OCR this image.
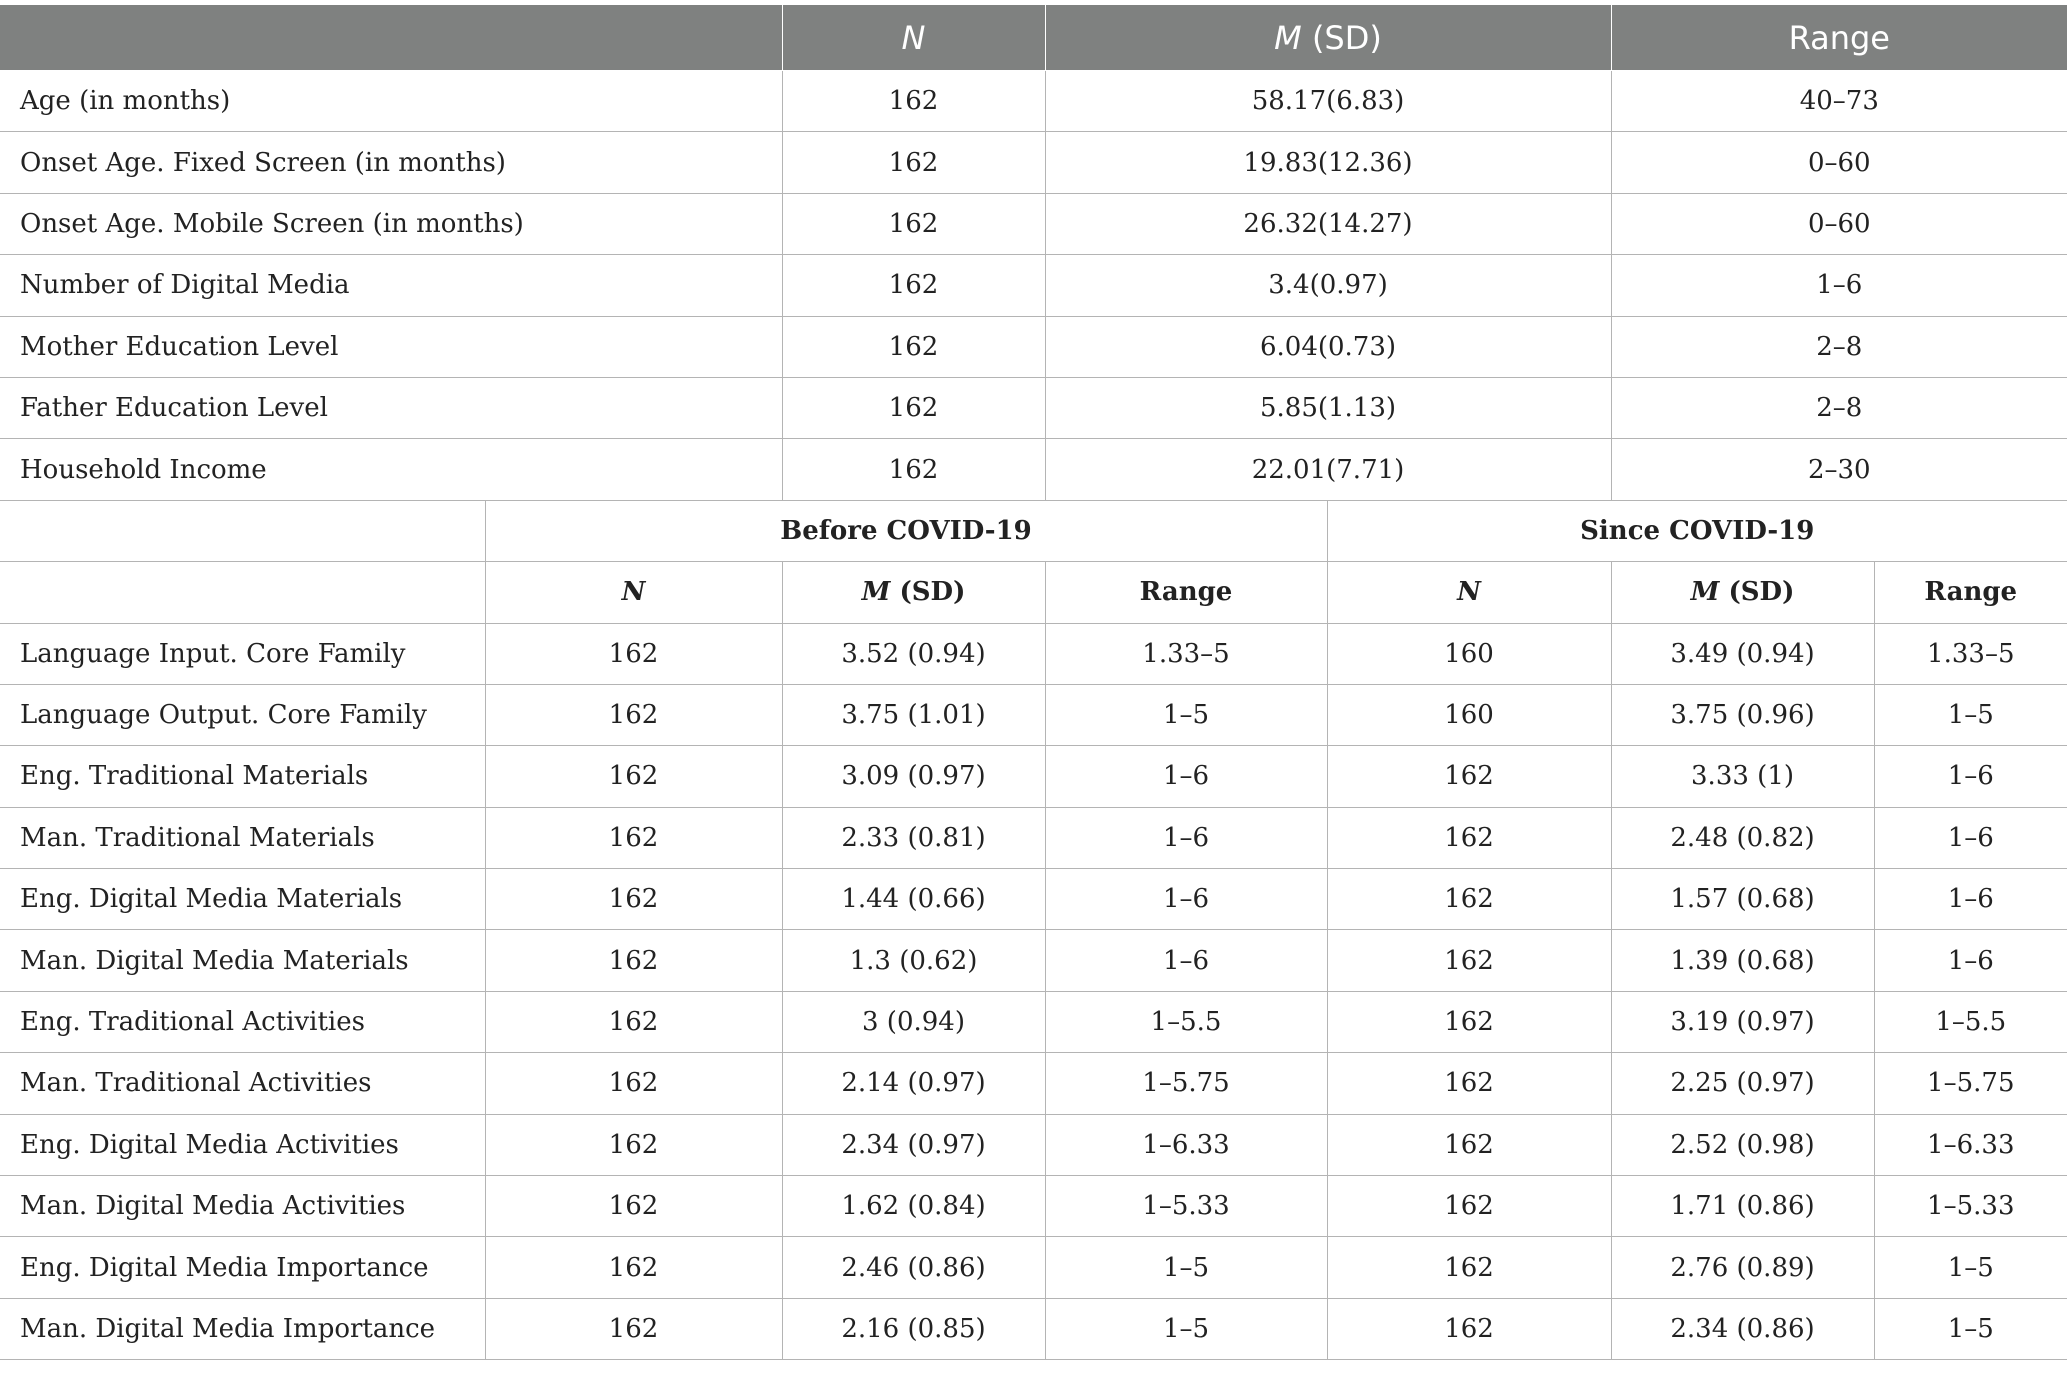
		N	M (SD)		Range	
Age (in months)		162	58.17(6.83)		40–73	
Onset Age. Fixed Screen (in months)		162	19.83(12.36)		0–60	
Onset Age. Mobile Screen (in months)		162	26.32(14.27)		0–60	
Number of Digital Media		162	3.4(0.97)		1–6	
Mother Education Level		162	6.04(0.73)		2–8	
Father Education Level		162	5.85(1.13)		2–8	
Household Income		162	22.01(7.71)		2–30	
	Before COVID-19			Since COVID-19		
	N	M (SD)	Range	N	M (SD)	Range
Language Input. Core Family	162	3.52 (0.94)	1.33–5	160	3.49 (0.94)	1.33–5
Language Output. Core Family	162	3.75 (1.01)	1–5	160	3.75 (0.96)	1–5
Eng. Traditional Materials	162	3.09 (0.97)	1–6	162	3.33 (1)	1–6
Man. Traditional Materials	162	2.33 (0.81)	1–6	162	2.48 (0.82)	1–6
Eng. Digital Media Materials	162	1.44 (0.66)	1–6	162	1.57 (0.68)	1–6
Man. Digital Media Materials	162	1.3 (0.62)	1–6	162	1.39 (0.68)	1–6
Eng. Traditional Activities	162	3 (0.94)	1–5.5	162	3.19 (0.97)	1–5.5
Man. Traditional Activities	162	2.14 (0.97)	1–5.75	162	2.25 (0.97)	1–5.75
Eng. Digital Media Activities	162	2.34 (0.97)	1–6.33	162	2.52 (0.98)	1–6.33
Man. Digital Media Activities	162	1.62 (0.84)	1–5.33	162	1.71 (0.86)	1–5.33
Eng. Digital Media Importance	162	2.46 (0.86)	1–5	162	2.76 (0.89)	1–5
Man. Digital Media Importance	162	2.16 (0.85)	1–5	162	2.34 (0.86)	1–5
